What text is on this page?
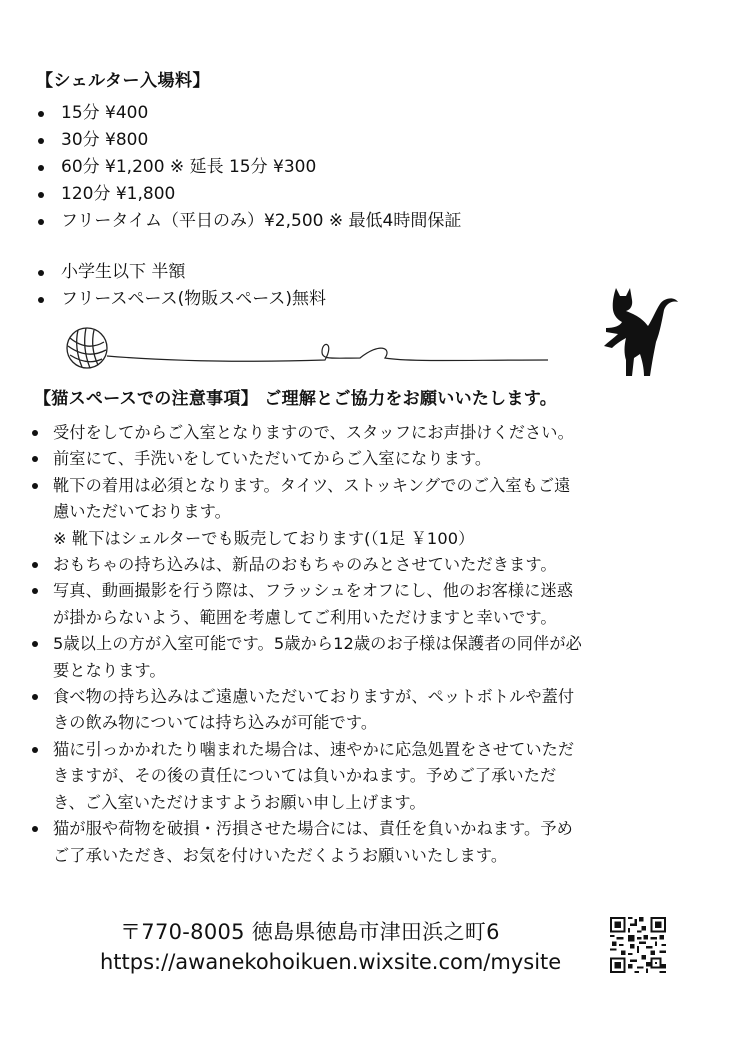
【シェルター入場料】
15分 ¥400
30分 ¥800
60分 ¥1,200 ※ 延長 15分 ¥300
120分 ¥1,800
フリータイム（平日のみ）¥2,500 ※ 最低4時間保証
小学生以下 半額
フリースペース(物販スペース)無料
【猫スペースでの注意事項】 ご理解とご協力をお願いいたします。
受付をしてからご入室となりますので、スタッフにお声掛けください。
前室にて、手洗いをしていただいてからご入室になります。
靴下の着用は必須となります。タイツ、ストッキングでのご入室もご遠
慮いただいております。
※ 靴下はシェルターでも販売しております(（1足 ￥100）
おもちゃの持ち込みは、新品のおもちゃのみとさせていただきます。
写真、動画撮影を行う際は、フラッシュをオフにし、他のお客様に迷惑
が掛からないよう、範囲を考慮してご利用いただけますと幸いです。
5歳以上の方が入室可能です。5歳から12歳のお子様は保護者の同伴が必
要となります。
食べ物の持ち込みはご遠慮いただいておりますが、ペットボトルや蓋付
きの飲み物については持ち込みが可能です。
猫に引っかかれたり噛まれた場合は、速やかに応急処置をさせていただ
きますが、その後の責任については負いかねます。予めご了承いただ
き、ご入室いただけますようお願い申し上げます。
猫が服や荷物を破損・汚損させた場合には、責任を負いかねます。予め
ご了承いただき、お気を付けいただくようお願いいたします。
〒770-8005 徳島県徳島市津田浜之町6
https://awanekohoikuen.wixsite.com/mysite
